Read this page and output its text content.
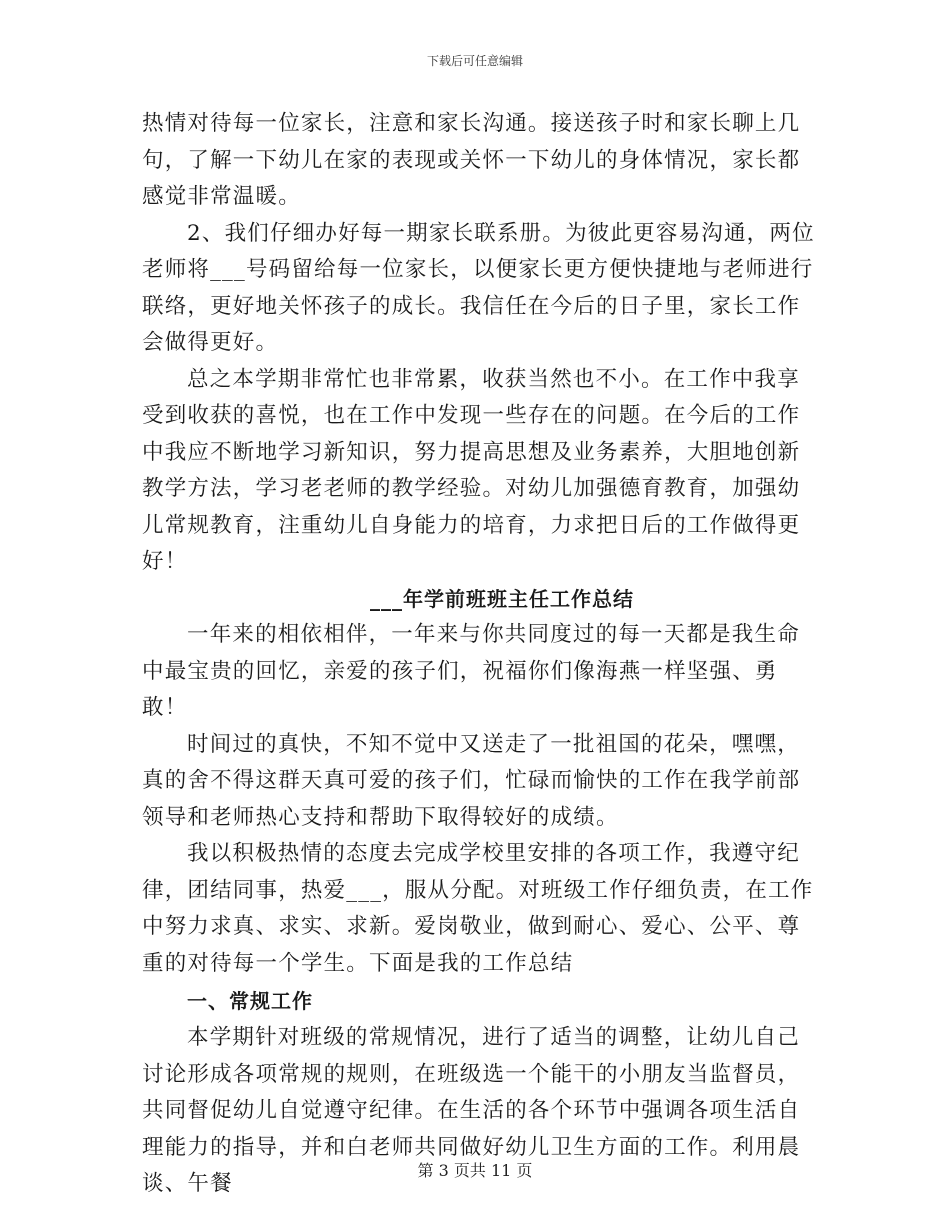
下载后可任意编辑

热情对待每一位家长，注意和家长沟通。接送孩子时和家长聊上几句，了解一下幼儿在家的表现或关怀一下幼儿的身体情况，家长都感觉非常温暖。

2、我们仔细办好每一期家长联系册。为彼此更容易沟通，两位老师将___号码留给每一位家长，以便家长更方便快捷地与老师进行联络，更好地关怀孩子的成长。我信任在今后的日子里，家长工作会做得更好。

总之本学期非常忙也非常累，收获当然也不小。在工作中我享受到收获的喜悦，也在工作中发现一些存在的问题。在今后的工作中我应不断地学习新知识，努力提高思想及业务素养，大胆地创新教学方法，学习老老师的教学经验。对幼儿加强德育教育，加强幼儿常规教育，注重幼儿自身能力的培育，力求把日后的工作做得更好！

___年学前班班主任工作总结

一年来的相依相伴，一年来与你共同度过的每一天都是我生命中最宝贵的回忆，亲爱的孩子们，祝福你们像海燕一样坚强、勇敢！

时间过的真快，不知不觉中又送走了一批祖国的花朵，嘿嘿，真的舍不得这群天真可爱的孩子们，忙碌而愉快的工作在我学前部领导和老师热心支持和帮助下取得较好的成绩。

我以积极热情的态度去完成学校里安排的各项工作，我遵守纪律，团结同事，热爱___，服从分配。对班级工作仔细负责，在工作中努力求真、求实、求新。爱岗敬业，做到耐心、爱心、公平、尊重的对待每一个学生。下面是我的工作总结

一、常规工作

本学期针对班级的常规情况，进行了适当的调整，让幼儿自己讨论形成各项常规的规则，在班级选一个能干的小朋友当监督员，共同督促幼儿自觉遵守纪律。在生活的各个环节中强调各项生活自理能力的指导，并和白老师共同做好幼儿卫生方面的工作。利用晨谈、午餐

第 3 页共 11 页
